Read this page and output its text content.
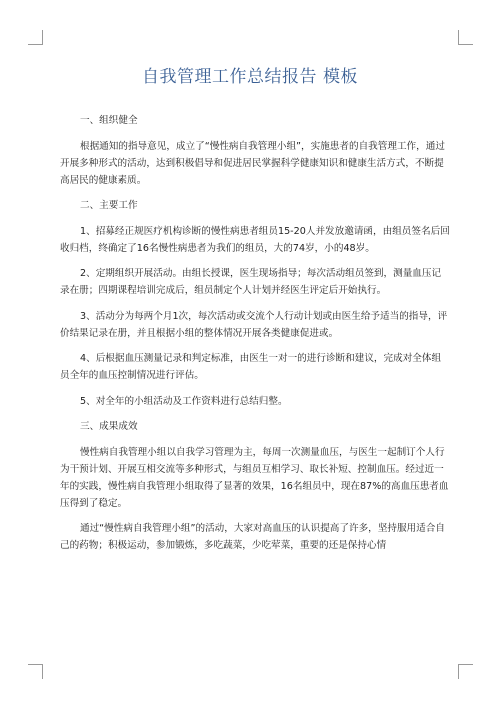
自我管理工作总结报告 模板

一、组织健全

根据通知的指导意见，成立了“慢性病自我管理小组”，实施患者的自我管理工作，通过开展多种形式的活动，达到积极倡导和促进居民掌握科学健康知识和健康生活方式，不断提高居民的健康素质。

二、主要工作

1、招募经正规医疗机构诊断的慢性病患者组员15-20人并发放邀请函，由组员签名后回收归档，终确定了16名慢性病患者为我们的组员，大的74岁，小的48岁。

2、定期组织开展活动。由组长授课，医生现场指导；每次活动组员签到，测量血压记录在册；四期课程培训完成后，组员制定个人计划并经医生评定后开始执行。

3、活动分为每两个月1次，每次活动或交流个人行动计划或由医生给予适当的指导，评价结果记录在册，并且根据小组的整体情况开展各类健康促进或。

4、后根据血压测量记录和判定标准，由医生一对一的进行诊断和建议，完成对全体组员全年的血压控制情况进行评估。

5、对全年的小组活动及工作资料进行总结归整。

三、成果成效

慢性病自我管理小组以自我学习管理为主，每周一次测量血压，与医生一起制订个人行为干预计划、开展互相交流等多种形式，与组员互相学习、取长补短、控制血压。经过近一年的实践，慢性病自我管理小组取得了显著的效果，16名组员中，现在87%的高血压患者血压得到了稳定。

通过“慢性病自我管理小组”的活动，大家对高血压的认识提高了许多，坚持服用适合自己的药物；积极运动，参加锻炼，多吃蔬菜，少吃荤菜，重要的还是保持心情
